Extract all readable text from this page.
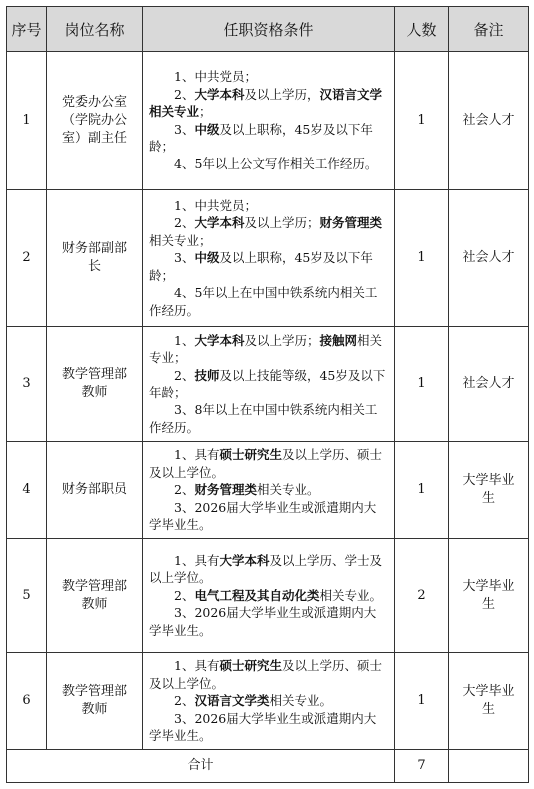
序号	岗位名称	任职资格条件	人数	备注
1	党委办公室（学院办公室）副主任	1、中共党员；

2、大学本科及以上学历，汉语言文学相关专业；

3、中级及以上职称，45岁及以下年龄；

4、5年以上公文写作相关工作经历。	1	社会人才
2	财务部副部长	1、中共党员；

2、大学本科及以上学历；财务管理类相关专业；

3、中级及以上职称，45岁及以下年龄；

4、5年以上在中国中铁系统内相关工作经历。	1	社会人才
3	教学管理部教师	1、大学本科及以上学历；接触网相关专业；

2、技师及以上技能等级，45岁及以下年龄；

3、8年以上在中国中铁系统内相关工作经历。	1	社会人才
4	财务部职员	1、具有硕士研究生及以上学历、硕士及以上学位。

2、财务管理类相关专业。

3、2026届大学毕业生或派遣期内大学毕业生。	1	大学毕业生
5	教学管理部教师	1、具有大学本科及以上学历、学士及以上学位。

2、电气工程及其自动化类相关专业。

3、2026届大学毕业生或派遣期内大学毕业生。	2	大学毕业生
6	教学管理部教师	1、具有硕士研究生及以上学历、硕士及以上学位。

2、汉语言文学类相关专业。

3、2026届大学毕业生或派遣期内大学毕业生。	1	大学毕业生
合计			7	
